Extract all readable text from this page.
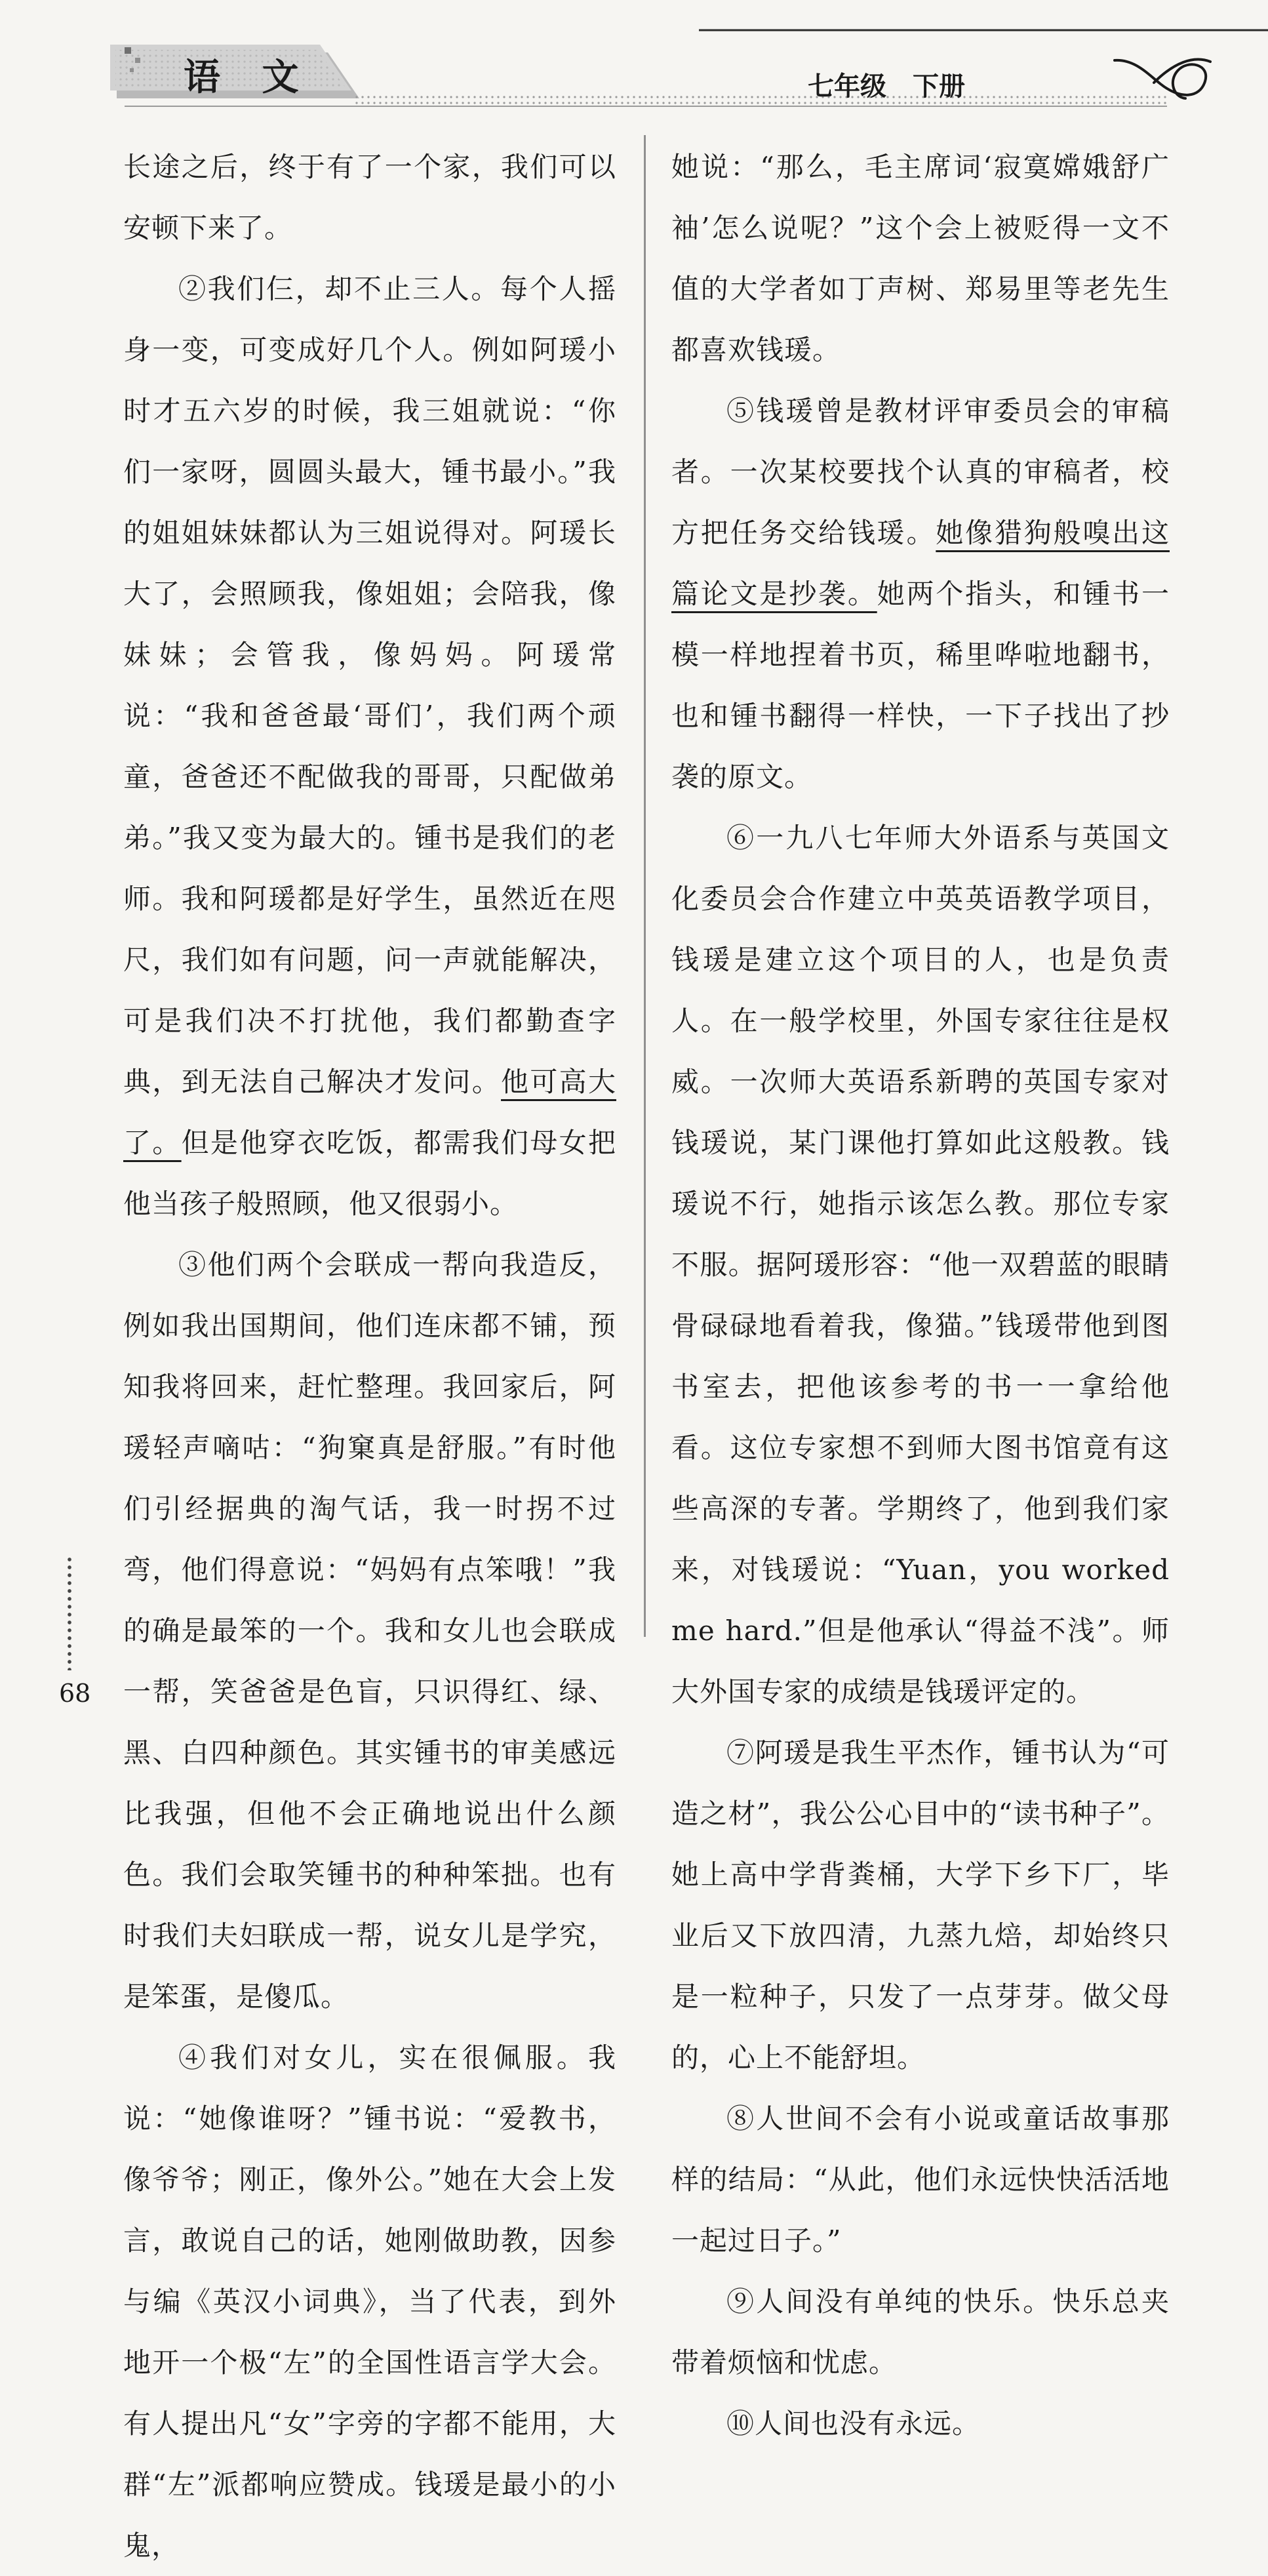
语 文	七年级　下册

长途之后，终于有了一个家，我们可以安顿下来了。

②我们仨，却不止三人。每个人摇身一变，可变成好几个人。例如阿瑗小时才五六岁的时候，我三姐就说：“你们一家呀，圆圆头最大，锺书最小。”我的姐姐妹妹都认为三姐说得对。阿瑗长大了，会照顾我，像姐姐；会陪我，像妹妹；会管我，像妈妈。阿瑗常说：“我和爸爸最‘哥们’，我们两个顽童，爸爸还不配做我的哥哥，只配做弟弟。”我又变为最大的。锺书是我们的老师。我和阿瑗都是好学生，虽然近在咫尺，我们如有问题，问一声就能解决，可是我们决不打扰他，我们都勤查字典，到无法自己解决才发问。他可高大了。但是他穿衣吃饭，都需我们母女把他当孩子般照顾，他又很弱小。

③他们两个会联成一帮向我造反，例如我出国期间，他们连床都不铺，预知我将回来，赶忙整理。我回家后，阿瑗轻声嘀咕：“狗窠真是舒服。”有时他们引经据典的淘气话，我一时拐不过弯，他们得意说：“妈妈有点笨哦！”我的确是最笨的一个。我和女儿也会联成一帮，笑爸爸是色盲，只识得红、绿、黑、白四种颜色。其实锺书的审美感远比我强，但他不会正确地说出什么颜色。我们会取笑锺书的种种笨拙。也有时我们夫妇联成一帮，说女儿是学究，是笨蛋，是傻瓜。

④我们对女儿，实在很佩服。我说：“她像谁呀？”锺书说：“爱教书，像爷爷；刚正，像外公。”她在大会上发言，敢说自己的话，她刚做助教，因参与编《英汉小词典》，当了代表，到外地开一个极“左”的全国性语言学大会。有人提出凡“女”字旁的字都不能用，大群“左”派都响应赞成。钱瑗是最小的小鬼，

她说：“那么，毛主席词‘寂寞嫦娥舒广袖’怎么说呢？”这个会上被贬得一文不值的大学者如丁声树、郑易里等老先生都喜欢钱瑗。

⑤钱瑗曾是教材评审委员会的审稿者。一次某校要找个认真的审稿者，校方把任务交给钱瑗。她像猎狗般嗅出这篇论文是抄袭。她两个指头，和锺书一模一样地捏着书页，稀里哗啦地翻书，也和锺书翻得一样快，一下子找出了抄袭的原文。

⑥一九八七年师大外语系与英国文化委员会合作建立中英英语教学项目，钱瑗是建立这个项目的人，也是负责人。在一般学校里，外国专家往往是权威。一次师大英语系新聘的英国专家对钱瑗说，某门课他打算如此这般教。钱瑗说不行，她指示该怎么教。那位专家不服。据阿瑗形容：“他一双碧蓝的眼睛骨碌碌地看着我，像猫。”钱瑗带他到图书室去，把他该参考的书一一拿给他看。这位专家想不到师大图书馆竟有这些高深的专著。学期终了，他到我们家来，对钱瑗说：“Yuan，you worked me hard.”但是他承认“得益不浅”。师大外国专家的成绩是钱瑗评定的。

⑦阿瑗是我生平杰作，锺书认为“可造之材”，我公公心目中的“读书种子”。她上高中学背粪桶，大学下乡下厂，毕业后又下放四清，九蒸九焙，却始终只是一粒种子，只发了一点芽芽。做父母的，心上不能舒坦。

⑧人世间不会有小说或童话故事那样的结局：“从此，他们永远快快活活地一起过日子。”

⑨人间没有单纯的快乐。快乐总夹带着烦恼和忧虑。

⑩人间也没有永远。

68
